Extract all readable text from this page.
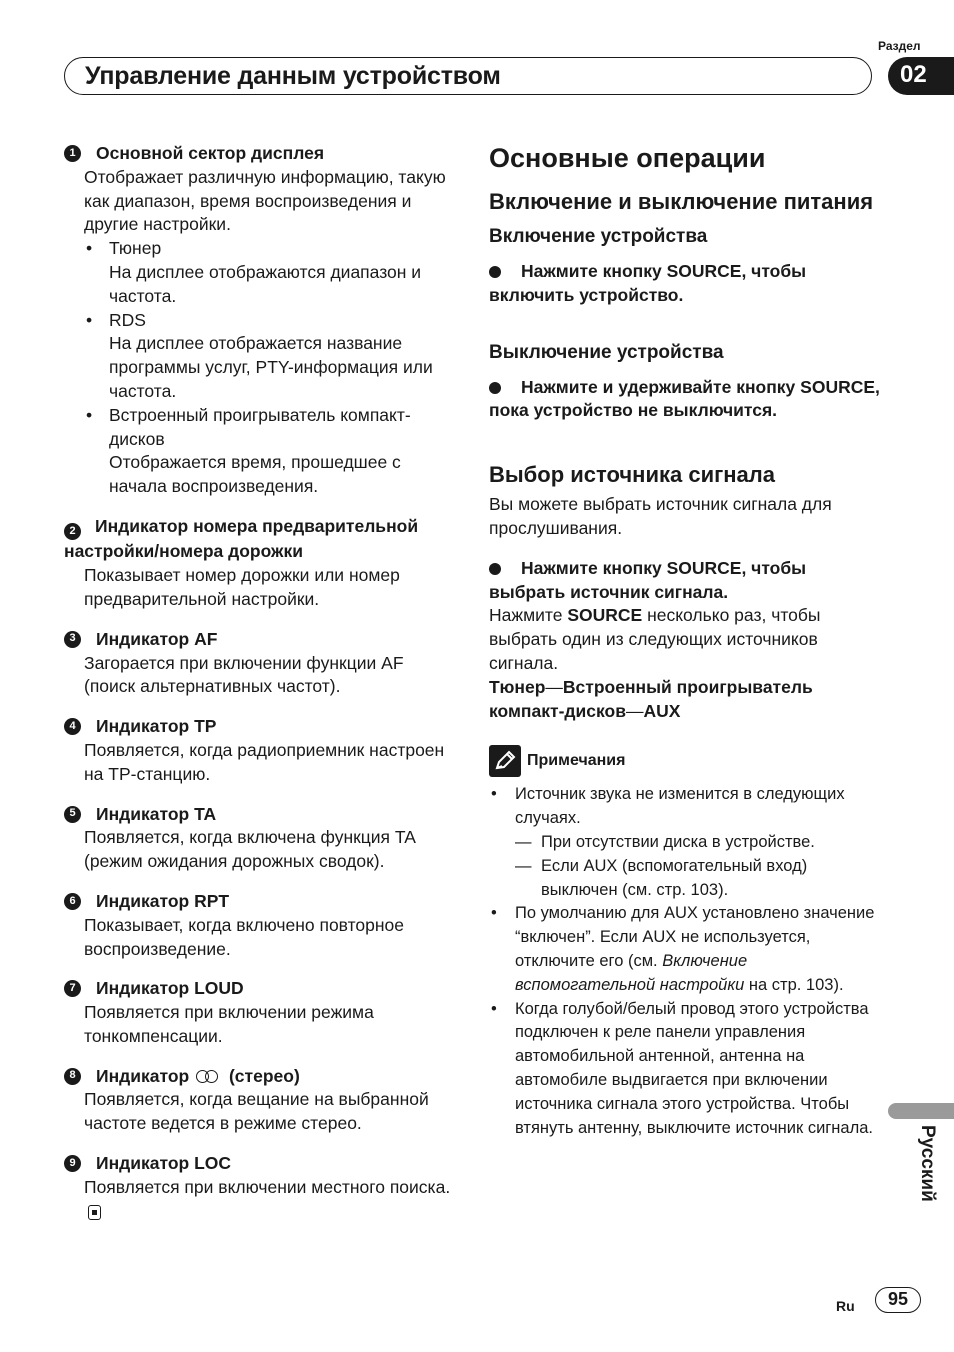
Раздел
Управление данным устройством	02
1	Основной сектор дисплея
Отображает различную информацию, такую как диапазон, время воспроизведения и другие настройки.
• Тюнер
На дисплее отображаются диапазон и частота.
• RDS
На дисплее отображается название программы услуг, PTY-информация или частота.
• Встроенный проигрыватель компакт-дисков
Отображается время, прошедшее с начала воспроизведения.
2 Индикатор номера предварительной настройки/номера дорожки
Показывает номер дорожки или номер предварительной настройки.
3	Индикатор AF
Загорается при включении функции AF (поиск альтернативных частот).
4	Индикатор TP
Появляется, когда радиоприемник настроен на TP-станцию.
5	Индикатор TA
Появляется, когда включена функция TA (режим ожидания дорожных сводок).
6	Индикатор RPT
Показывает, когда включено повторное воспроизведение.
7	Индикатор LOUD
Появляется при включении режима тонкомпенсации.
8	Индикатор (стерео)
Появляется, когда вещание на выбранной частоте ведется в режиме стерео.
9	Индикатор LOC
Появляется при включении местного поиска.
Основные операции
Включение и выключение питания
Включение устройства
Нажмите кнопку SOURCE, чтобы включить устройство.
Выключение устройства
Нажмите и удерживайте кнопку SOURCE, пока устройство не выключится.
Выбор источника сигнала
Вы можете выбрать источник сигнала для прослушивания.
Нажмите кнопку SOURCE, чтобы выбрать источник сигнала.
Нажмите SOURCE несколько раз, чтобы выбрать один из следующих источников сигнала.
Тюнер—Встроенный проигрыватель компакт-дисков—AUX
Примечания
• Источник звука не изменится в следующих случаях.
— При отсутствии диска в устройстве.
— Если AUX (вспомогательный вход) выключен (см. стр. 103).
• По умолчанию для AUX установлено значение “включен”. Если AUX не используется, отключите его (см. Включение вспомогательной настройки на стр. 103).
• Когда голубой/белый провод этого устройства подключен к реле панели управления автомобильной антенной, антенна на автомобиле выдвигается при включении источника сигнала этого устройства. Чтобы втянуть антенну, выключите источник сигнала.	Русский
Ru	95
